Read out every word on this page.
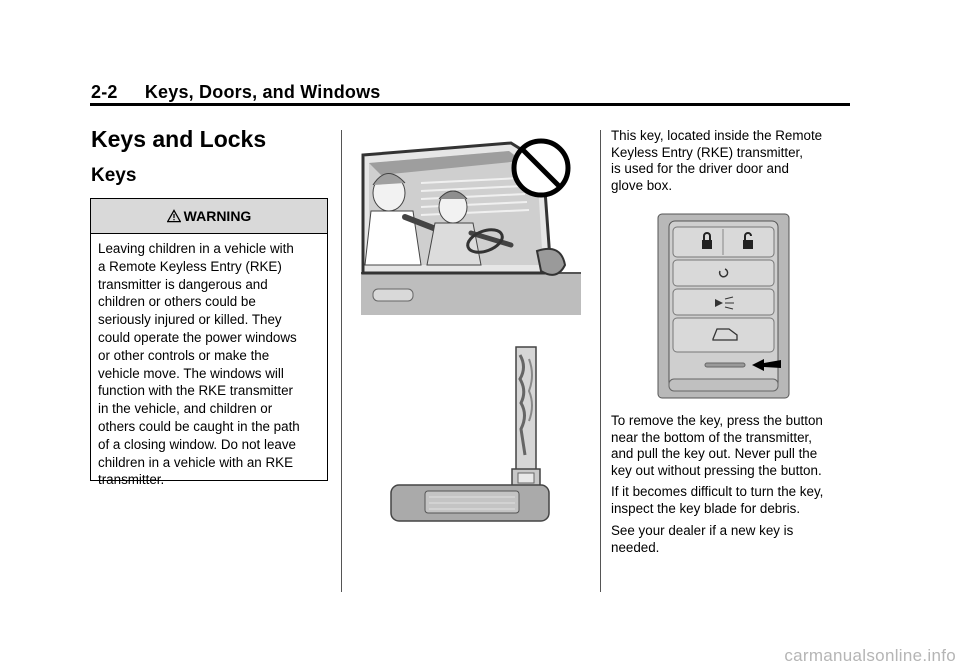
2-2 Keys, Doors, and Windows
Keys and Locks
Keys
WARNING
Leaving children in a vehicle with
a Remote Keyless Entry (RKE)
transmitter is dangerous and
children or others could be
seriously injured or killed. They
could operate the power windows
or other controls or make the
vehicle move. The windows will
function with the RKE transmitter
in the vehicle, and children or
others could be caught in the path
of a closing window. Do not leave
children in a vehicle with an RKE
transmitter.
This key, located inside the Remote
Keyless Entry (RKE) transmitter,
is used for the driver door and
glove box.
To remove the key, press the button
near the bottom of the transmitter,
and pull the key out. Never pull the
key out without pressing the button.
If it becomes difficult to turn the key,
inspect the key blade for debris.
See your dealer if a new key is
needed.
carmanualsonline.info
